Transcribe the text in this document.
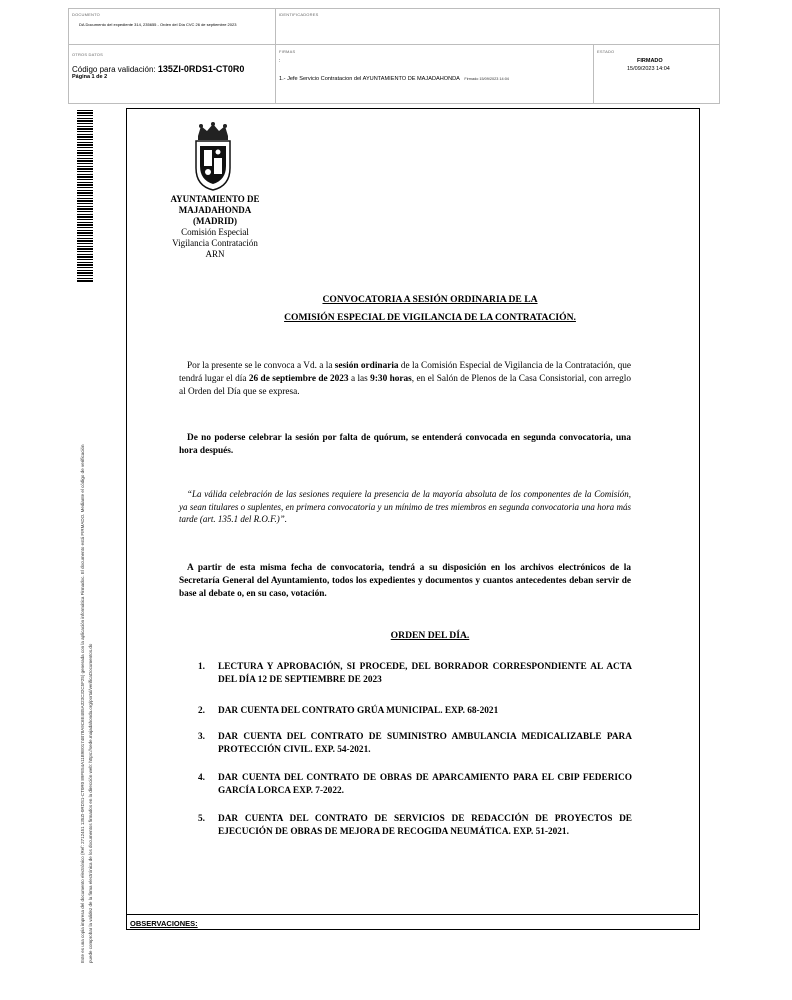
DOCUMENTO
DA Documento del expediente 314, 235655 - Orden del Día CVC 26 de septiembre 2023
IDENTIFICADORES
OTROS DATOS
Código para validación: 135ZI-0RDS1-CT0R0
Página 1 de 2
FIRMAS
:
1.- Jefe Servicio Contratacion del AYUNTAMIENTO DE MAJADAHONDA Firmado 15/09/2023 14:04
ESTADO
FIRMADO
15/09/2023 14:04
Este es una copia impresa del documento electrónico (Ref: 2712451 135ZI-0RDS1-CT0R0 89FE54A11B9E0174B78A9C6E4B5A323C32C5F25) generada con la aplicación informática Firmadoc. El documento está FIRMADO. Mediante el código de verificación puede comprobar la validez de la firma electrónica de los documentos firmados en la dirección web: https://sede.majadahonda.org/portal/verificaDocumentos.do
AYUNTAMIENTO DE
MAJADAHONDA
(MADRID)
Comisión Especial
Vigilancia Contratación
ARN
CONVOCATORIA A SESIÓN ORDINARIA DE LA
COMISIÓN ESPECIAL DE VIGILANCIA DE LA CONTRATACIÓN.
Por la presente se le convoca a Vd. a la sesión ordinaria de la Comisión Especial de Vigilancia de la Contratación, que tendrá lugar el día 26 de septiembre de 2023 a las 9:30 horas, en el Salón de Plenos de la Casa Consistorial, con arreglo al Orden del Día que se expresa.
De no poderse celebrar la sesión por falta de quórum, se entenderá convocada en segunda convocatoria, una hora después.
“La válida celebración de las sesiones requiere la presencia de la mayoría absoluta de los componentes de la Comisión, ya sean titulares o suplentes, en primera convocatoria y un mínimo de tres miembros en segunda convocatoria una hora más tarde (art. 135.1 del R.O.F.)”.
A partir de esta misma fecha de convocatoria, tendrá a su disposición en los archivos electrónicos de la Secretaría General del Ayuntamiento, todos los expedientes y documentos y cuantos antecedentes deban servir de base al debate o, en su caso, votación.
ORDEN DEL DÍA.
1. LECTURA Y APROBACIÓN, SI PROCEDE, DEL BORRADOR CORRESPONDIENTE AL ACTA DEL DÍA 12 DE SEPTIEMBRE DE 2023
2. DAR CUENTA DEL CONTRATO GRÚA MUNICIPAL. EXP. 68-2021
3. DAR CUENTA DEL CONTRATO DE SUMINISTRO AMBULANCIA MEDICALIZABLE PARA PROTECCIÓN CIVIL. EXP. 54-2021.
4. DAR CUENTA DEL CONTRATO DE OBRAS DE APARCAMIENTO PARA EL CBIP FEDERICO GARCÍA LORCA EXP. 7-2022.
5. DAR CUENTA DEL CONTRATO DE SERVICIOS DE REDACCIÓN DE PROYECTOS DE EJECUCIÓN DE OBRAS DE MEJORA DE RECOGIDA NEUMÁTICA. EXP. 51-2021.
OBSERVACIONES:
